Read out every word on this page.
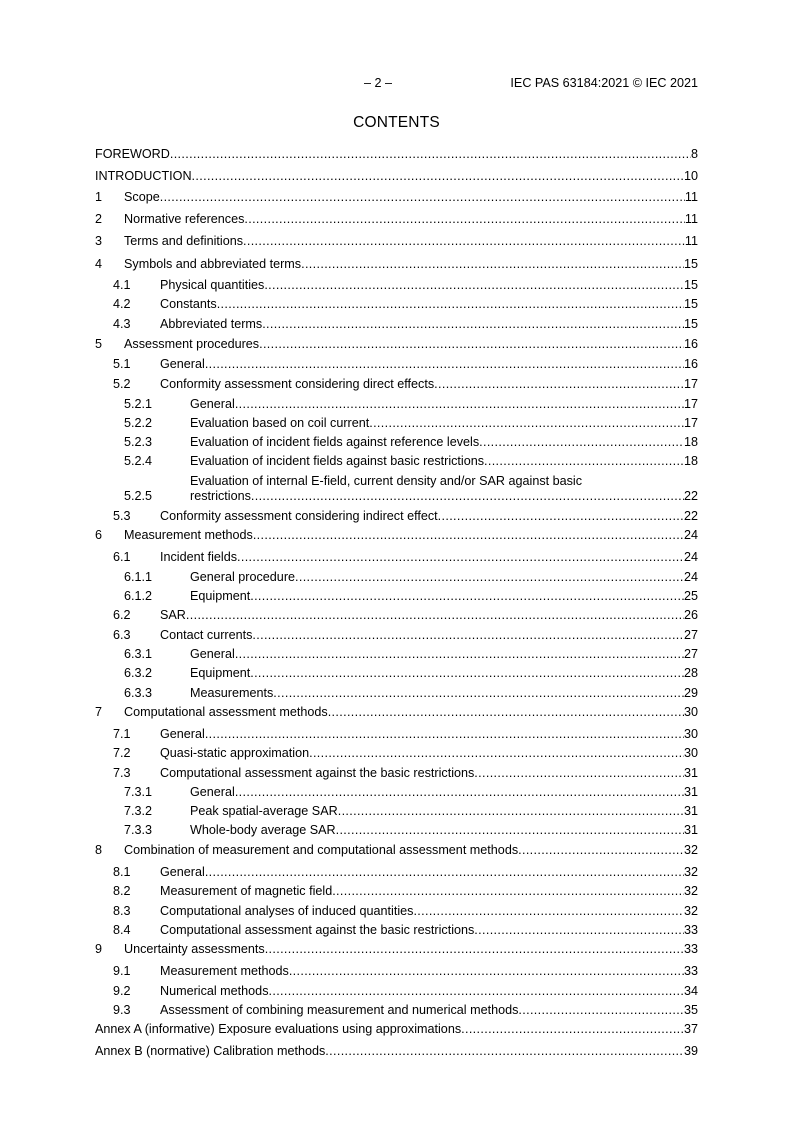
– 2 –	IEC PAS 63184:2021 © IEC 2021
CONTENTS
FOREWORD .....	8
INTRODUCTION .....	10
1 Scope .....	11
2 Normative references .....	11
3 Terms and definitions .....	11
4 Symbols and abbreviated terms .....	15
4.1 Physical quantities .....	15
4.2 Constants .....	15
4.3 Abbreviated terms .....	15
5 Assessment procedures .....	16
5.1 General .....	16
5.2 Conformity assessment considering direct effects .....	17
5.2.1	General .....	17
5.2.2	Evaluation based on coil current .....	17
5.2.3	Evaluation of incident fields against reference levels .....	18
5.2.4	Evaluation of incident fields against basic restrictions .....	18
5.2.5
Evaluation of internal E-field, current density and/or SAR against basic
restrictions .....	22
5.3 Conformity assessment considering indirect effect .....	22
6 Measurement methods .....	24
6.1 Incident fields .....	24
6.1.1	General procedure .....	24
6.1.2	Equipment .....	25
6.2 SAR .....	26
6.3 Contact currents .....	27
6.3.1	General .....	27
6.3.2	Equipment .....	28
6.3.3	Measurements .....	29
7 Computational assessment methods .....	30
7.1 General .....	30
7.2 Quasi-static approximation .....	30
7.3 Computational assessment against the basic restrictions .....	31
7.3.1	General .....	31
7.3.2	Peak spatial-average SAR .....	31
7.3.3	Whole-body average SAR .....	31
8 Combination of measurement and computational assessment methods .....	32
8.1 General .....	32
8.2 Measurement of magnetic field .....	32
8.3 Computational analyses of induced quantities .....	32
8.4 Computational assessment against the basic restrictions .....	33
9 Uncertainty assessments .....	33
9.1 Measurement methods .....	33
9.2 Numerical methods .....	34
9.3 Assessment of combining measurement and numerical methods .....	35
Annex A (informative) Exposure evaluations using approximations .....	37
Annex B (normative) Calibration methods .....	39
